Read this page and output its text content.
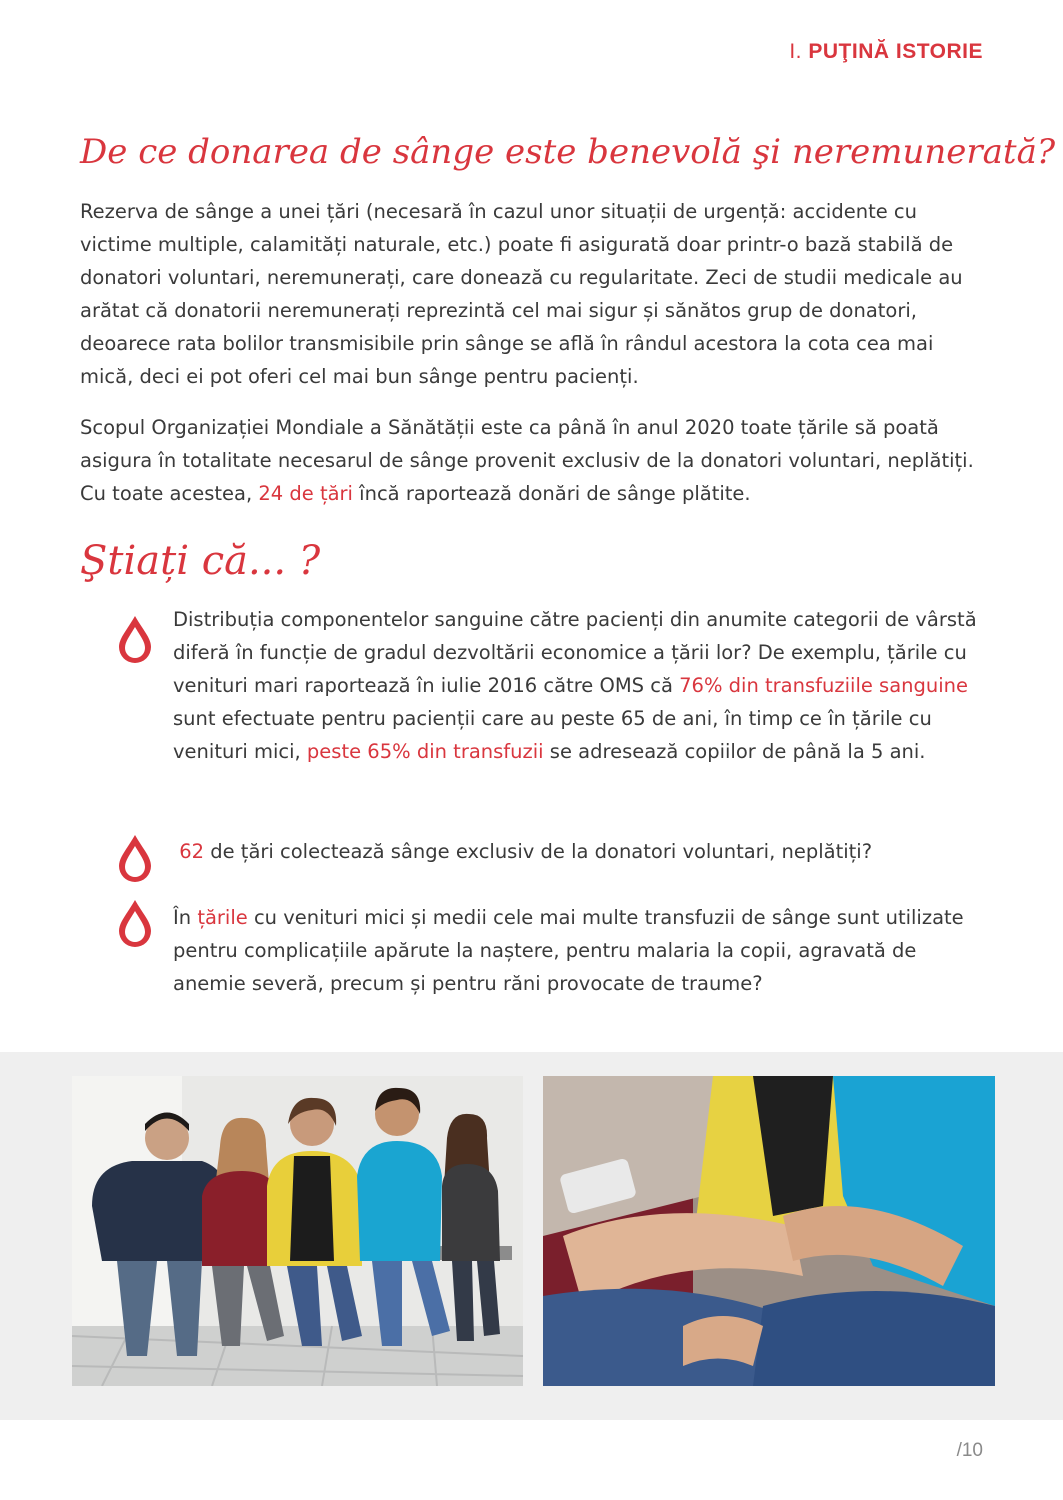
I. PUŢINĂ ISTORIE
De ce donarea de sânge este benevolă şi neremunerată?

Rezerva de sânge a unei țări (necesară în cazul unor situații de urgență: accidente cu victime multiple, calamități naturale, etc.) poate fi asigurată doar printr-o bază stabilă de donatori voluntari, neremunerați, care donează cu regularitate. Zeci de studii medicale au arătat că donatorii neremunerați reprezintă cel mai sigur și sănătos grup de donatori, deoarece rata bolilor transmisibile prin sânge se află în rândul acestora la cota cea mai mică, deci ei pot oferi cel mai bun sânge pentru pacienți.

Scopul Organizației Mondiale a Sănătății este ca până în anul 2020 toate țările să poată asigura în totalitate necesarul de sânge provenit exclusiv de la donatori voluntari, neplătiți. Cu toate acestea, 24 de țări încă raportează donări de sânge plătite.

Ştiați că... ?

Distribuția componentelor sanguine către pacienți din anumite categorii de vârstă diferă în funcție de gradul dezvoltării economice a țării lor? De exemplu, țările cu venituri mari raportează în iulie 2016 către OMS că 76% din transfuziile sanguine sunt efectuate pentru pacienții care au peste 65 de ani, în timp ce în țările cu venituri mici, peste 65% din transfuzii se adresează copiilor de până la 5 ani.

62 de țări colectează sânge exclusiv de la donatori voluntari, neplătiți?

În țările cu venituri mici și medii cele mai multe transfuzii de sânge sunt utilizate pentru complicațiile apărute la naștere, pentru malaria la copii, agravată de anemie severă, precum și pentru răni provocate de traume?

/10
